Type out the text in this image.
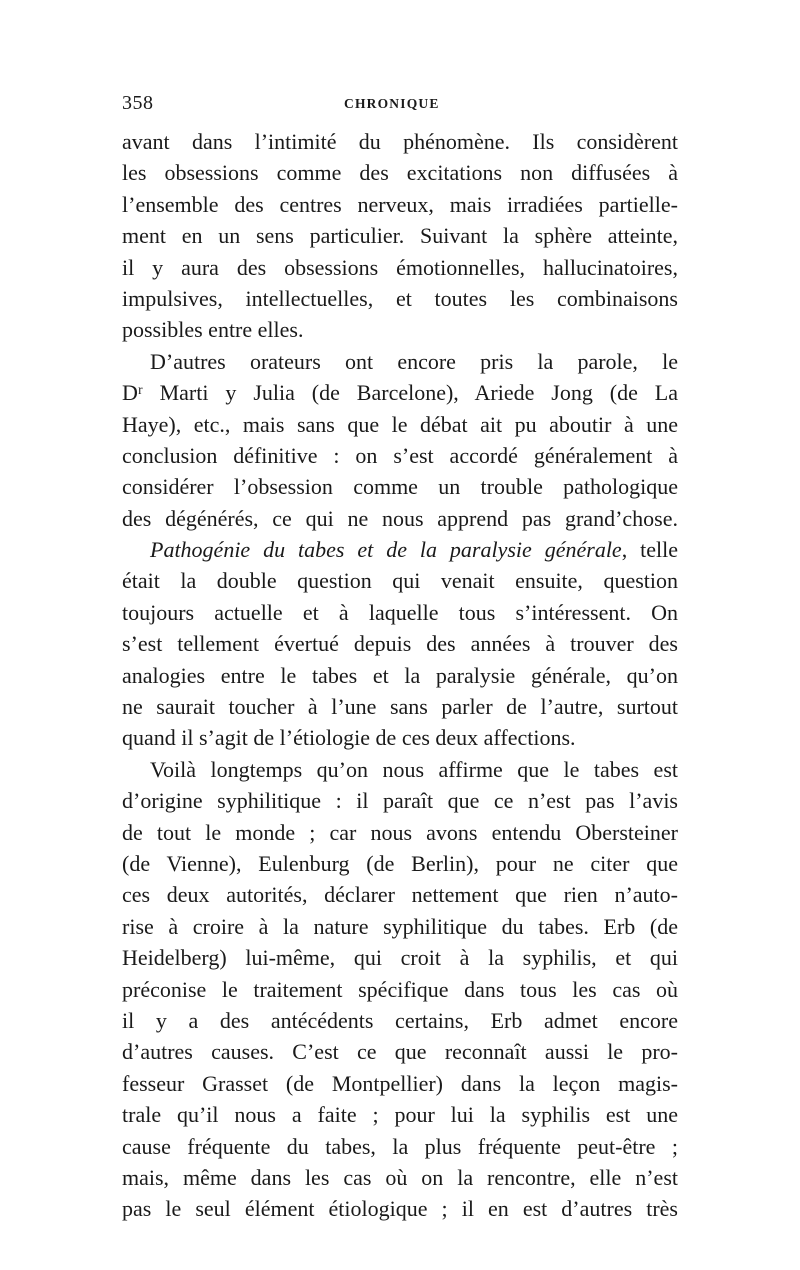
358	CHRONIQUE
avant dans l’intimité du phénomène. Ils considèrent
les obsessions comme des excitations non diffusées à
l’ensemble des centres nerveux, mais irradiées partielle-
ment en un sens particulier. Suivant la sphère atteinte,
il y aura des obsessions émotionnelles, hallucinatoires,
impulsives, intellectuelles, et toutes les combinaisons
possibles entre elles.
D’autres orateurs ont encore pris la parole, le
Dʳ Marti y Julia (de Barcelone), Ariede Jong (de La
Haye), etc., mais sans que le débat ait pu aboutir à une
conclusion définitive : on s’est accordé généralement à
considérer l’obsession comme un trouble pathologique
des dégénérés, ce qui ne nous apprend pas grand’chose.
Pathogénie du tabes et de la paralysie générale, telle
était la double question qui venait ensuite, question
toujours actuelle et à laquelle tous s’intéressent. On
s’est tellement évertué depuis des années à trouver des
analogies entre le tabes et la paralysie générale, qu’on
ne saurait toucher à l’une sans parler de l’autre, surtout
quand il s’agit de l’étiologie de ces deux affections.
Voilà longtemps qu’on nous affirme que le tabes est
d’origine syphilitique : il paraît que ce n’est pas l’avis
de tout le monde ; car nous avons entendu Obersteiner
(de Vienne), Eulenburg (de Berlin), pour ne citer que
ces deux autorités, déclarer nettement que rien n’auto-
rise à croire à la nature syphilitique du tabes. Erb (de
Heidelberg) lui-même, qui croit à la syphilis, et qui
préconise le traitement spécifique dans tous les cas où
il y a des antécédents certains, Erb admet encore
d’autres causes. C’est ce que reconnaît aussi le pro-
fesseur Grasset (de Montpellier) dans la leçon magis-
trale qu’il nous a faite ; pour lui la syphilis est une
cause fréquente du tabes, la plus fréquente peut-être ;
mais, même dans les cas où on la rencontre, elle n’est
pas le seul élément étiologique ; il en est d’autres très
